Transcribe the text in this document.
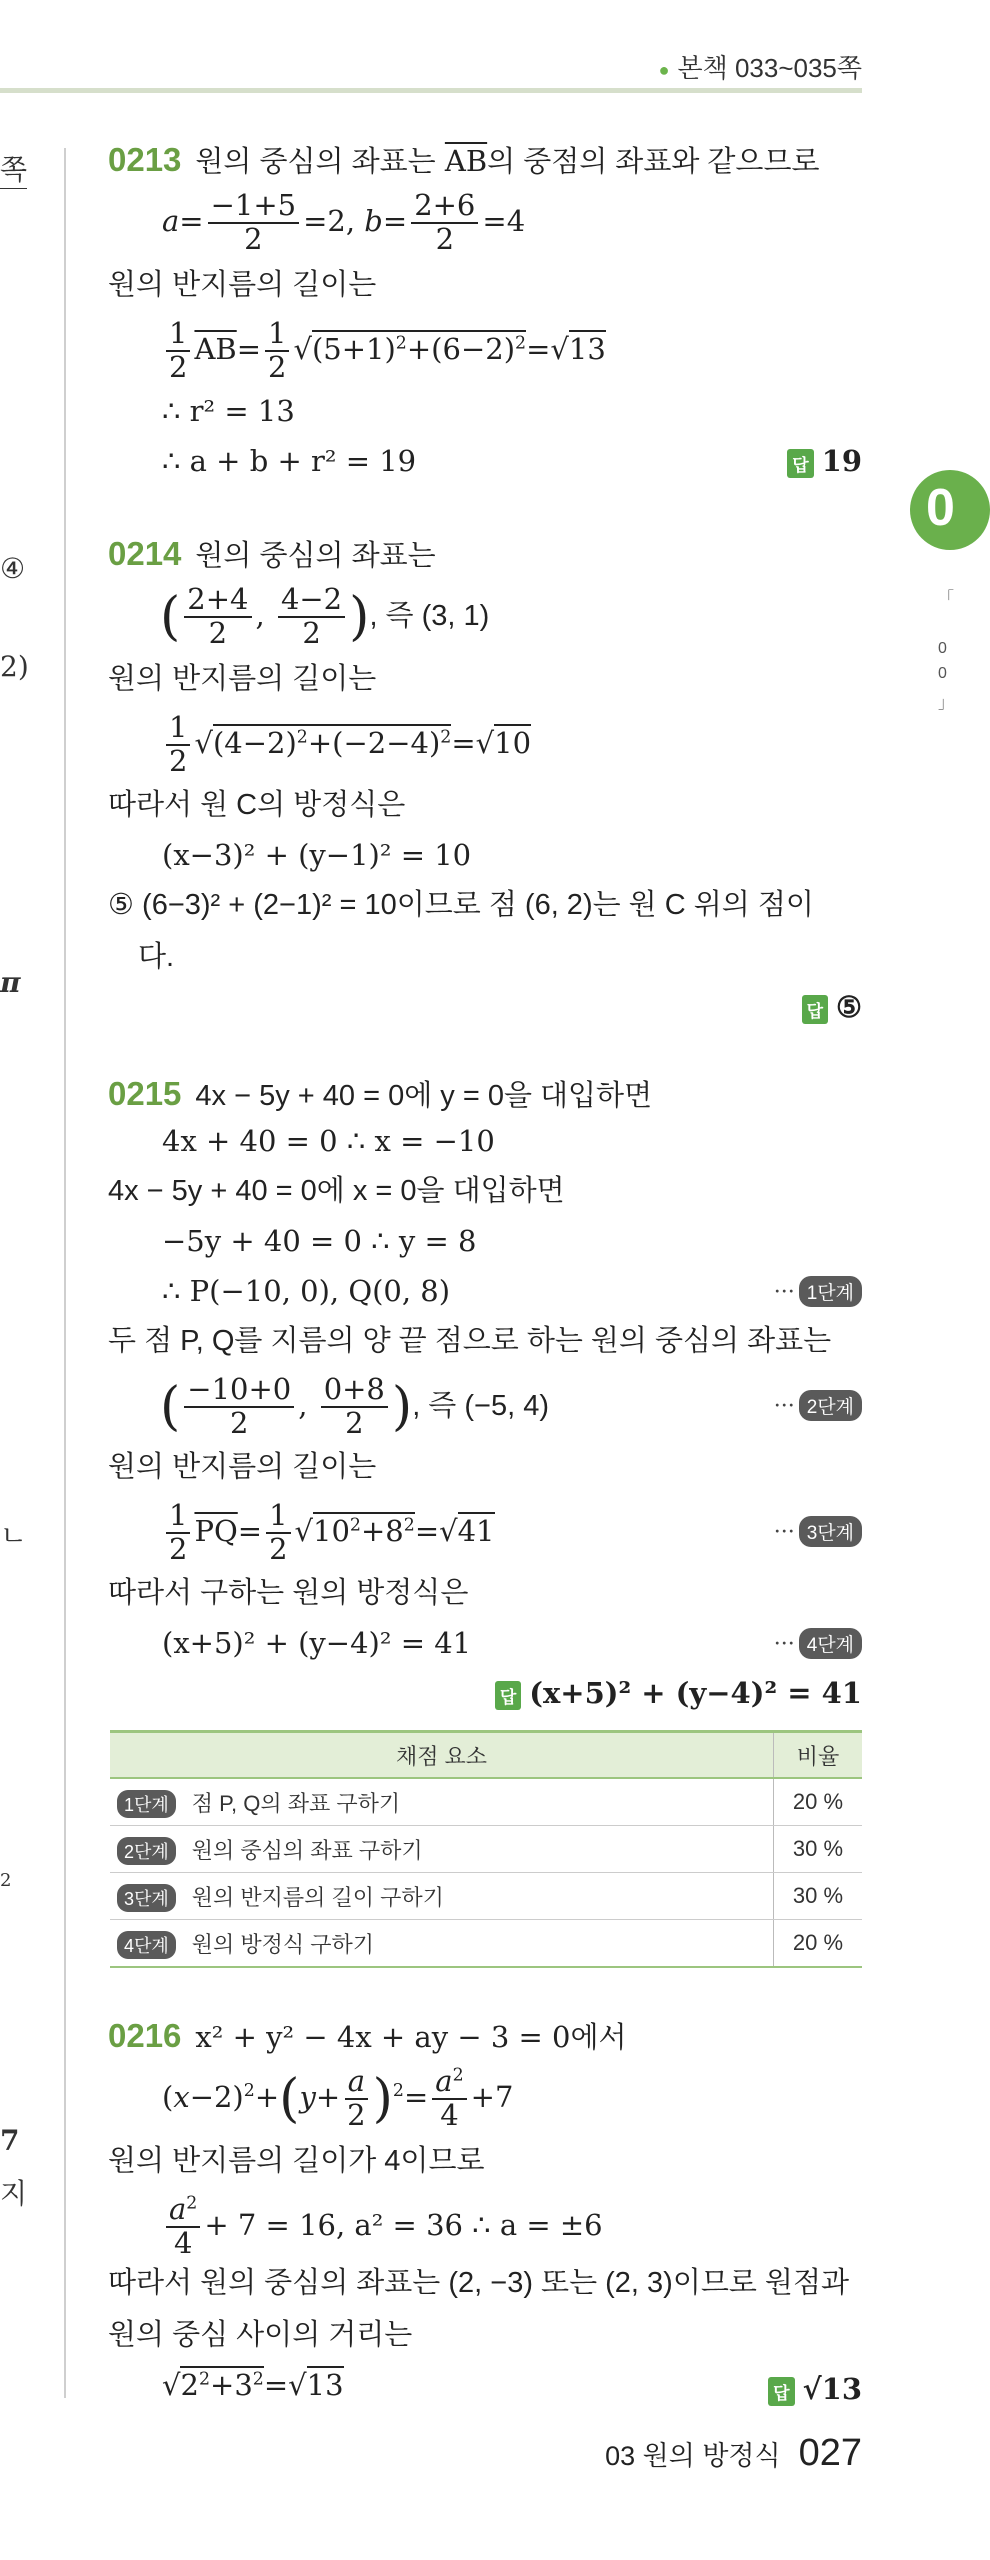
● 본책 033~035쪽
쪽
④
2)
π
ㄴ
2
7
지
0
「
0
0
」
0213 원의 중심의 좌표는 $\overline{AB}$의 중점의 좌표와 같으므로
$a= \frac{-1+5}{2} =2$, $b= \frac{2+6}{2} =4$
원의 반지름의 길이는
$\frac{1}{2} \overline{AB}= \frac{1}{2} √(5+1)^2+(6-2)^2=√13$
∴ r² = 13
∴ a + b + r² = 19	답 19
0214 원의 중심의 좌표는
( $\frac{2+4}{2}$ , $\frac{4-2}{2}$ ), 즉 (3, 1)
원의 반지름의 길이는
$\frac{1}{2} √(4-2)^2+(-2-4)^2=√10$
따라서 원 C의 방정식은
(x−3)² + (y−1)² = 10
⑤ (6−3)² + (2−1)² = 10이므로 점 (6, 2)는 원 C 위의 점이
다.
답 ⑤
0215 4x − 5y + 40 = 0에 y = 0을 대입하면
4x + 40 = 0 ∴ x = −10
4x − 5y + 40 = 0에 x = 0을 대입하면
−5y + 40 = 0 ∴ y = 8
∴ P(−10, 0), Q(0, 8)	··· 1단계
두 점 P, Q를 지름의 양 끝 점으로 하는 원의 중심의 좌표는
( $\frac{-10+0}{2}$ , $\frac{0+8}{2}$ ), 즉 (−5, 4)	··· 2단계
원의 반지름의 길이는
$\frac{1}{2} \overline{PQ}= \frac{1}{2} √10^2+8^2=√41$	··· 3단계
따라서 구하는 원의 방정식은
(x+5)² + (y−4)² = 41	··· 4단계
답 (x+5)² + (y−4)² = 41
채점 요소	비율
1단계 점 P, Q의 좌표 구하기	20 %
2단계 원의 중심의 좌표 구하기	30 %
3단계 원의 반지름의 길이 구하기	30 %
4단계 원의 방정식 구하기	20 %
0216 x² + y² − 4x + ay − 3 = 0에서
$(x-2)^2+(y+ \frac{a}{2} )^2= \frac{a^2}{4} +7$
원의 반지름의 길이가 4이므로
$\frac{a^2}{4} + 7 = 16$, a² = 36 ∴ a = ±6
따라서 원의 중심의 좌표는 (2, −3) 또는 (2, 3)이므로 원점과
원의 중심 사이의 거리는
$√2^2+3^2=√13$	답 √13
03 원의 방정식 027
